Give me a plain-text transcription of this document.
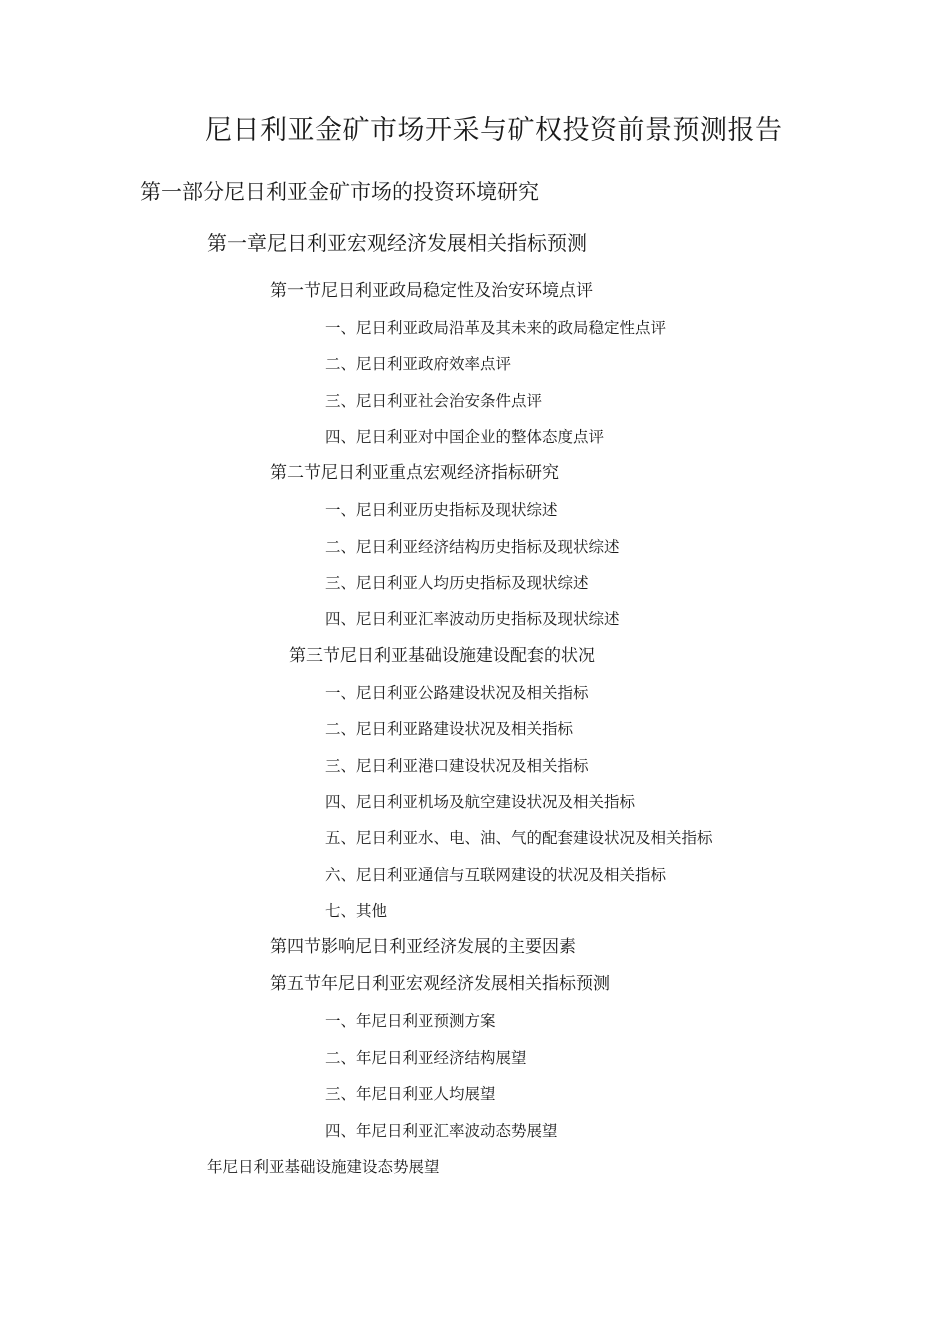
尼日利亚金矿市场开采与矿权投资前景预测报告
第一部分尼日利亚金矿市场的投资环境研究
第一章尼日利亚宏观经济发展相关指标预测
第一节尼日利亚政局稳定性及治安环境点评
一、尼日利亚政局沿革及其未来的政局稳定性点评
二、尼日利亚政府效率点评
三、尼日利亚社会治安条件点评
四、尼日利亚对中国企业的整体态度点评
第二节尼日利亚重点宏观经济指标研究
一、尼日利亚历史指标及现状综述
二、尼日利亚经济结构历史指标及现状综述
三、尼日利亚人均历史指标及现状综述
四、尼日利亚汇率波动历史指标及现状综述
第三节尼日利亚基础设施建设配套的状况
一、尼日利亚公路建设状况及相关指标
二、尼日利亚路建设状况及相关指标
三、尼日利亚港口建设状况及相关指标
四、尼日利亚机场及航空建设状况及相关指标
五、尼日利亚水、电、油、气的配套建设状况及相关指标
六、尼日利亚通信与互联网建设的状况及相关指标
七、其他
第四节影响尼日利亚经济发展的主要因素
第五节年尼日利亚宏观经济发展相关指标预测
一、年尼日利亚预测方案
二、年尼日利亚经济结构展望
三、年尼日利亚人均展望
四、年尼日利亚汇率波动态势展望
年尼日利亚基础设施建设态势展望
